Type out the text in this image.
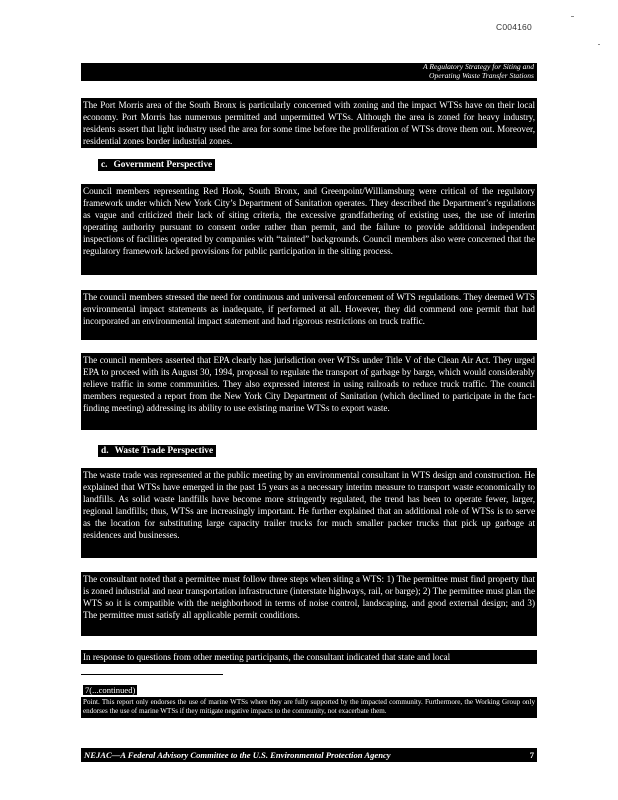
C004160
A Regulatory Strategy for Siting and
Operating Waste Transfer Stations
The Port Morris area of the South Bronx is particularly concerned with zoning and the impact WTSs have on their local economy. Port Morris has numerous permitted and unpermitted WTSs. Although the area is zoned for heavy industry, residents assert that light industry used the area for some time before the proliferation of WTSs drove them out. Moreover, residential zones border industrial zones.
c. Government Perspective
Council members representing Red Hook, South Bronx, and Greenpoint/Williamsburg were critical of the regulatory framework under which New York City’s Department of Sanitation operates. They described the Department’s regulations as vague and criticized their lack of siting criteria, the excessive grandfathering of existing uses, the use of interim operating authority pursuant to consent order rather than permit, and the failure to provide additional independent inspections of facilities operated by companies with “tainted” backgrounds. Council members also were concerned that the regulatory framework lacked provisions for public participation in the siting process.
The council members stressed the need for continuous and universal enforcement of WTS regulations. They deemed WTS environmental impact statements as inadequate, if performed at all. However, they did commend one permit that had incorporated an environmental impact statement and had rigorous restrictions on truck traffic.
The council members asserted that EPA clearly has jurisdiction over WTSs under Title V of the Clean Air Act. They urged EPA to proceed with its August 30, 1994, proposal to regulate the transport of garbage by barge, which would considerably relieve traffic in some communities. They also expressed interest in using railroads to reduce truck traffic. The council members requested a report from the New York City Department of Sanitation (which declined to participate in the fact-finding meeting) addressing its ability to use existing marine WTSs to export waste.
d. Waste Trade Perspective
The waste trade was represented at the public meeting by an environmental consultant in WTS design and construction. He explained that WTSs have emerged in the past 15 years as a necessary interim measure to transport waste economically to landfills. As solid waste landfills have become more stringently regulated, the trend has been to operate fewer, larger, regional landfills; thus, WTSs are increasingly important. He further explained that an additional role of WTSs is to serve as the location for substituting large capacity trailer trucks for much smaller packer trucks that pick up garbage at residences and businesses.
The consultant noted that a permittee must follow three steps when siting a WTS: 1) The permittee must find property that is zoned industrial and near transportation infrastructure (interstate highways, rail, or barge); 2) The permittee must plan the WTS so it is compatible with the neighborhood in terms of noise control, landscaping, and good external design; and 3) The permittee must satisfy all applicable permit conditions.
In response to questions from other meeting participants, the consultant indicated that state and local
7(...continued)
Point. This report only endorses the use of marine WTSs where they are fully supported by the impacted community. Furthermore, the Working Group only endorses the use of marine WTSs if they mitigate negative impacts to the community, not exacerbate them.
NEJAC—A Federal Advisory Committee to the U.S. Environmental Protection Agency	7
